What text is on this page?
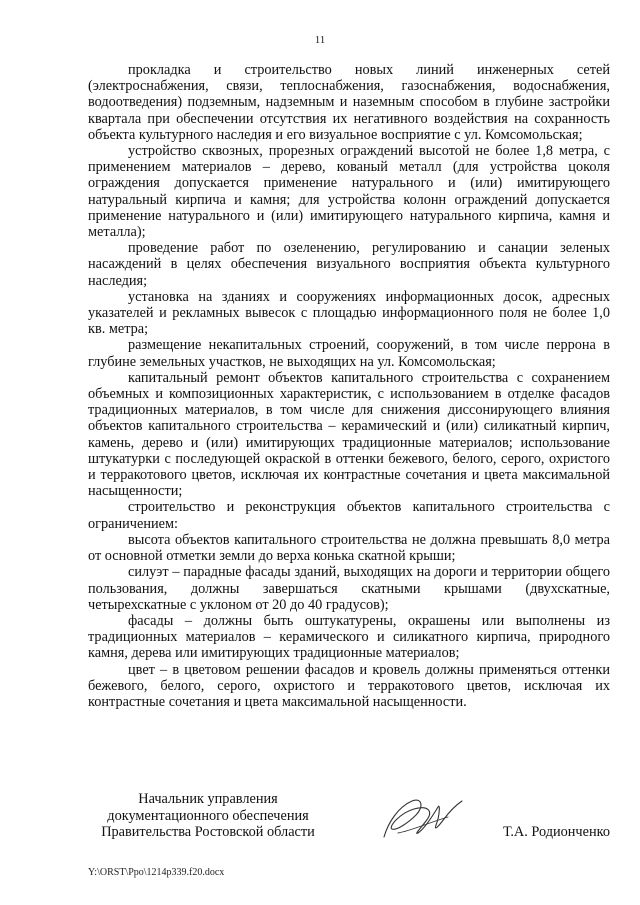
11

прокладка и строительство новых линий инженерных сетей (электроснабжения, связи, теплоснабжения, газоснабжения, водоснабжения, водоотведения) подземным, надземным и наземным способом в глубине застройки квартала при обеспечении отсутствия их негативного воздействия на сохранность объекта культурного наследия и его визуальное восприятие с ул. Комсомольская;

устройство сквозных, прорезных ограждений высотой не более 1,8 метра, с применением материалов – дерево, кованый металл (для устройства цоколя ограждения допускается применение натурального и (или) имитирующего натуральный кирпича и камня; для устройства колонн ограждений допускается применение натурального и (или) имитирующего натурального кирпича, камня и металла);

проведение работ по озеленению, регулированию и санации зеленых насаждений в целях обеспечения визуального восприятия объекта культурного наследия;

установка на зданиях и сооружениях информационных досок, адресных указателей и рекламных вывесок с площадью информационного поля не более 1,0 кв. метра;

размещение некапитальных строений, сооружений, в том числе перрона в глубине земельных участков, не выходящих на ул. Комсомольская;

капитальный ремонт объектов капитального строительства с сохранением объемных и композиционных характеристик, с использованием в отделке фасадов традиционных материалов, в том числе для снижения диссонирующего влияния объектов капитального строительства – керамический и (или) силикатный кирпич, камень, дерево и (или) имитирующих традиционные материалов; использование штукатурки с последующей окраской в оттенки бежевого, белого, серого, охристого и терракотового цветов, исключая их контрастные сочетания и цвета максимальной насыщенности;

строительство и реконструкция объектов капитального строительства с ограничением:

высота объектов капитального строительства не должна превышать 8,0 метра от основной отметки земли до верха конька скатной крыши;

силуэт – парадные фасады зданий, выходящих на дороги и территории общего пользования, должны завершаться скатными крышами (двухскатные, четырехскатные с уклоном от 20 до 40 градусов);

фасады – должны быть оштукатурены, окрашены или выполнены из традиционных материалов – керамического и силикатного кирпича, природного камня, дерева или имитирующих традиционные материалов;

цвет – в цветовом решении фасадов и кровель должны применяться оттенки бежевого, белого, серого, охристого и терракотового цветов, исключая их контрастные сочетания и цвета максимальной насыщенности.

Начальник управления
документационного обеспечения
Правительства Ростовской области	Т.А. Родионченко
Y:\ORST\Ppo\1214p339.f20.docx
